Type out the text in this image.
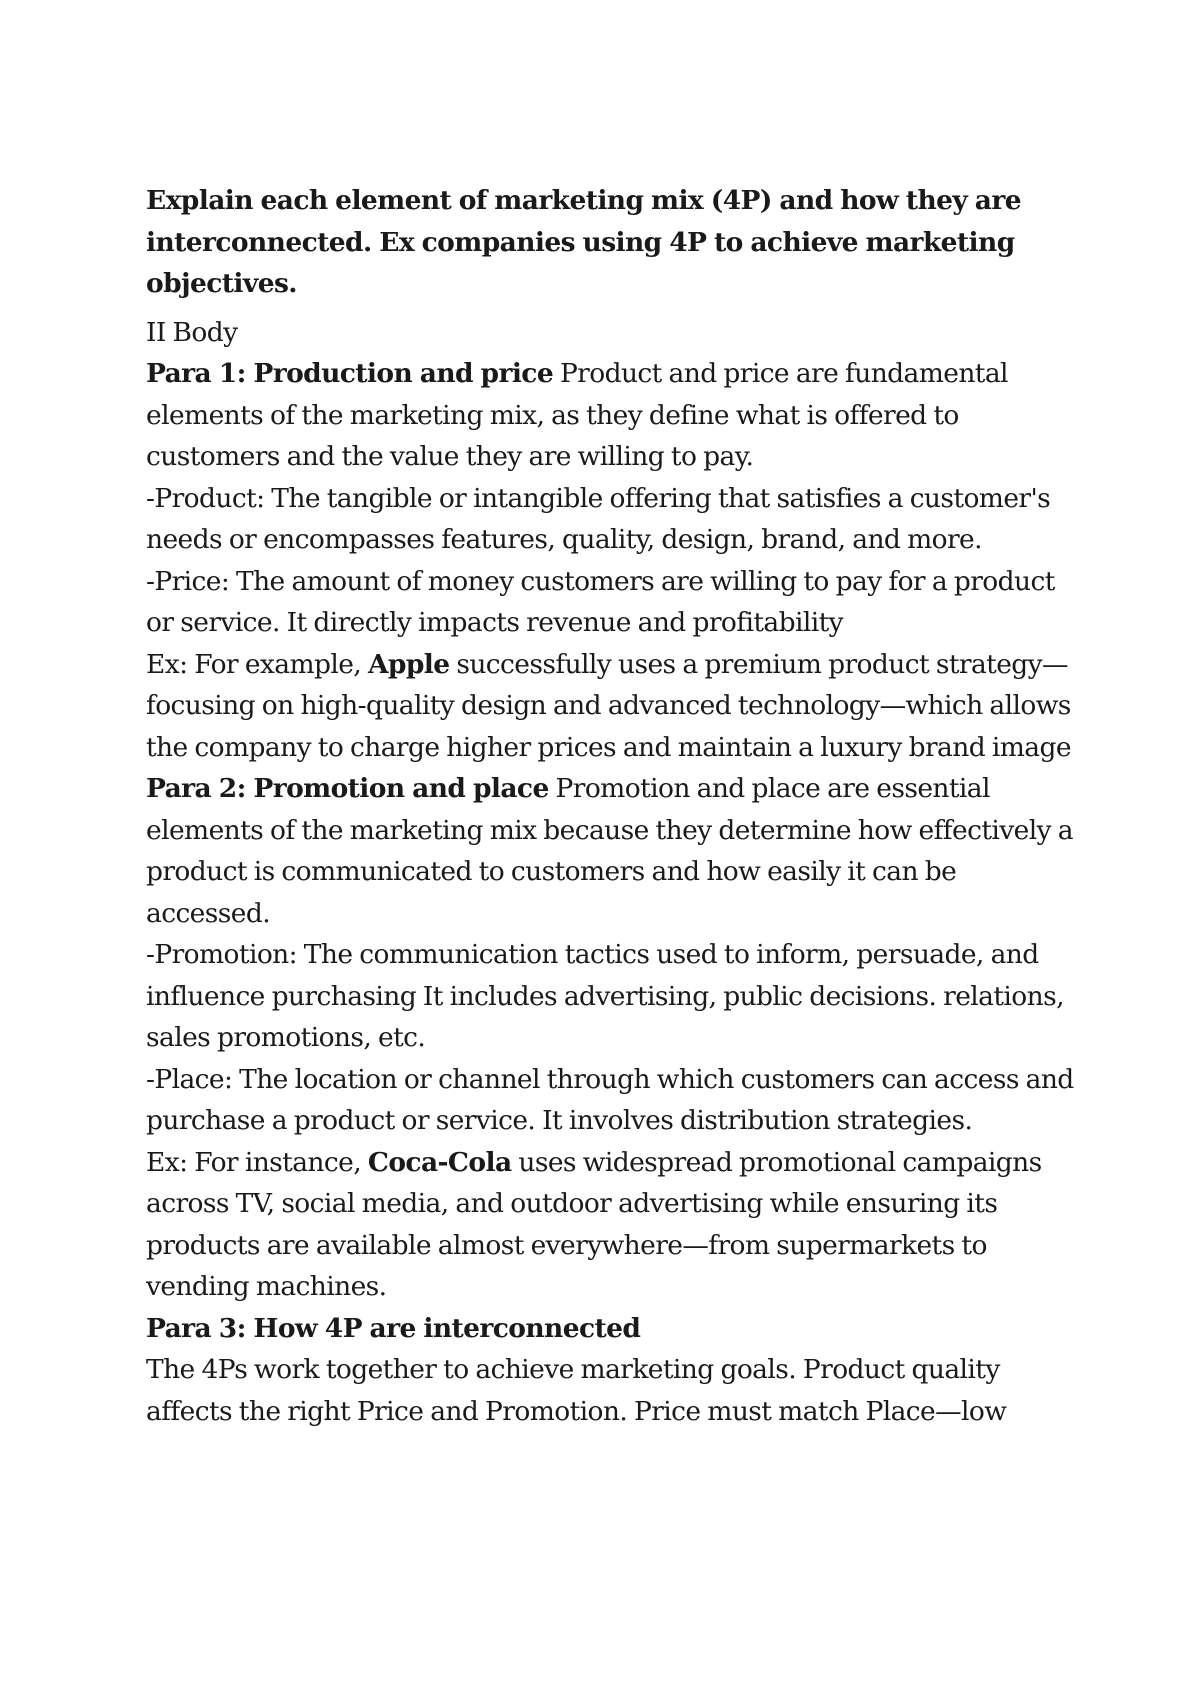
Explain each element of marketing mix (4P) and how they are interconnected. Ex companies using 4P to achieve marketing objectives.

II Body

Para 1: Production and price Product and price are fundamental elements of the marketing mix, as they define what is offered to customers and the value they are willing to pay.

-Product: The tangible or intangible offering that satisfies a customer's needs or encompasses features, quality, design, brand, and more.

-Price: The amount of money customers are willing to pay for a product or service. It directly impacts revenue and profitability

Ex: For example, Apple successfully uses a premium product strategy—focusing on high-quality design and advanced technology—which allows the company to charge higher prices and maintain a luxury brand image

Para 2: Promotion and place Promotion and place are essential elements of the marketing mix because they determine how effectively a product is communicated to customers and how easily it can be accessed.

-Promotion: The communication tactics used to inform, persuade, and influence purchasing It includes advertising, public decisions. relations, sales promotions, etc.

-Place: The location or channel through which customers can access and purchase a product or service. It involves distribution strategies.

Ex: For instance, Coca-Cola uses widespread promotional campaigns across TV, social media, and outdoor advertising while ensuring its products are available almost everywhere—from supermarkets to vending machines.

Para 3: How 4P are interconnected

The 4Ps work together to achieve marketing goals. Product quality affects the right Price and Promotion. Price must match Place—low
